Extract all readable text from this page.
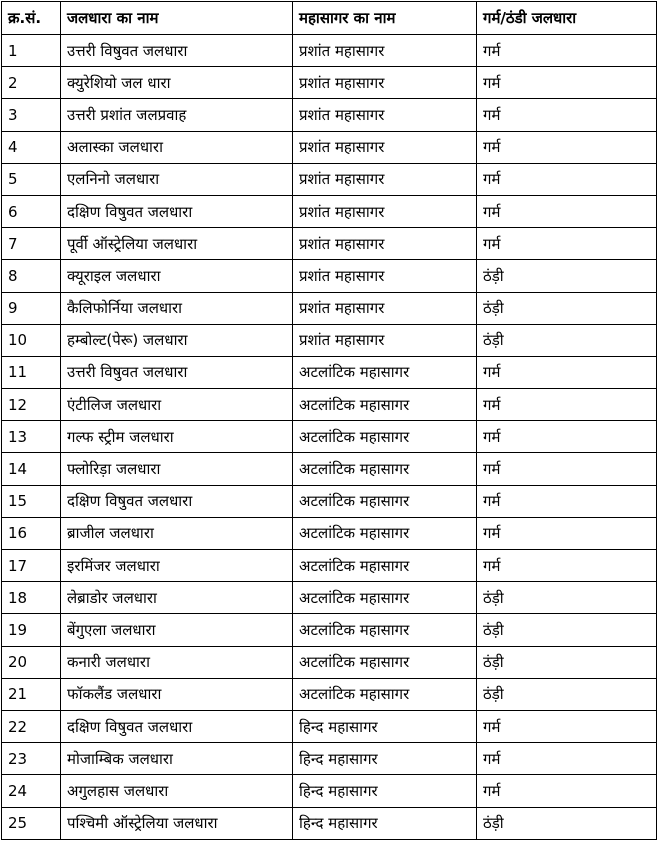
क्र.सं.	जलधारा का नाम	महासागर का नाम	गर्म/ठंडी जलधारा
1	उत्तरी विषुवत जलधारा	प्रशांत महासागर	गर्म
2	क्युरेशियो जल धारा	प्रशांत महासागर	गर्म
3	उत्तरी प्रशांत जलप्रवाह	प्रशांत महासागर	गर्म
4	अलास्का जलधारा	प्रशांत महासागर	गर्म
5	एलनिनो जलधारा	प्रशांत महासागर	गर्म
6	दक्षिण विषुवत जलधारा	प्रशांत महासागर	गर्म
7	पूर्वी ऑस्ट्रेलिया जलधारा	प्रशांत महासागर	गर्म
8	क्यूराइल जलधारा	प्रशांत महासागर	ठंड़ी
9	कैलिफोर्निया जलधारा	प्रशांत महासागर	ठंड़ी
10	हम्बोल्ट(पेरू) जलधारा	प्रशांत महासागर	ठंड़ी
11	उत्तरी विषुवत जलधारा	अटलांटिक महासागर	गर्म
12	एंटीलिज जलधारा	अटलांटिक महासागर	गर्म
13	गल्फ स्ट्रीम जलधारा	अटलांटिक महासागर	गर्म
14	फ्लोरिड़ा जलधारा	अटलांटिक महासागर	गर्म
15	दक्षिण विषुवत जलधारा	अटलांटिक महासागर	गर्म
16	ब्राजील जलधारा	अटलांटिक महासागर	गर्म
17	इरमिंजर जलधारा	अटलांटिक महासागर	गर्म
18	लेब्राडोर जलधारा	अटलांटिक महासागर	ठंड़ी
19	बेंगुएला जलधारा	अटलांटिक महासागर	ठंड़ी
20	कनारी जलधारा	अटलांटिक महासागर	ठंड़ी
21	फॉकलैंड जलधारा	अटलांटिक महासागर	ठंड़ी
22	दक्षिण विषुवत जलधारा	हिन्द महासागर	गर्म
23	मोजाम्बिक जलधारा	हिन्द महासागर	गर्म
24	अगुलहास जलधारा	हिन्द महासागर	गर्म
25	पश्चिमी ऑस्ट्रेलिया जलधारा	हिन्द महासागर	ठंड़ी
